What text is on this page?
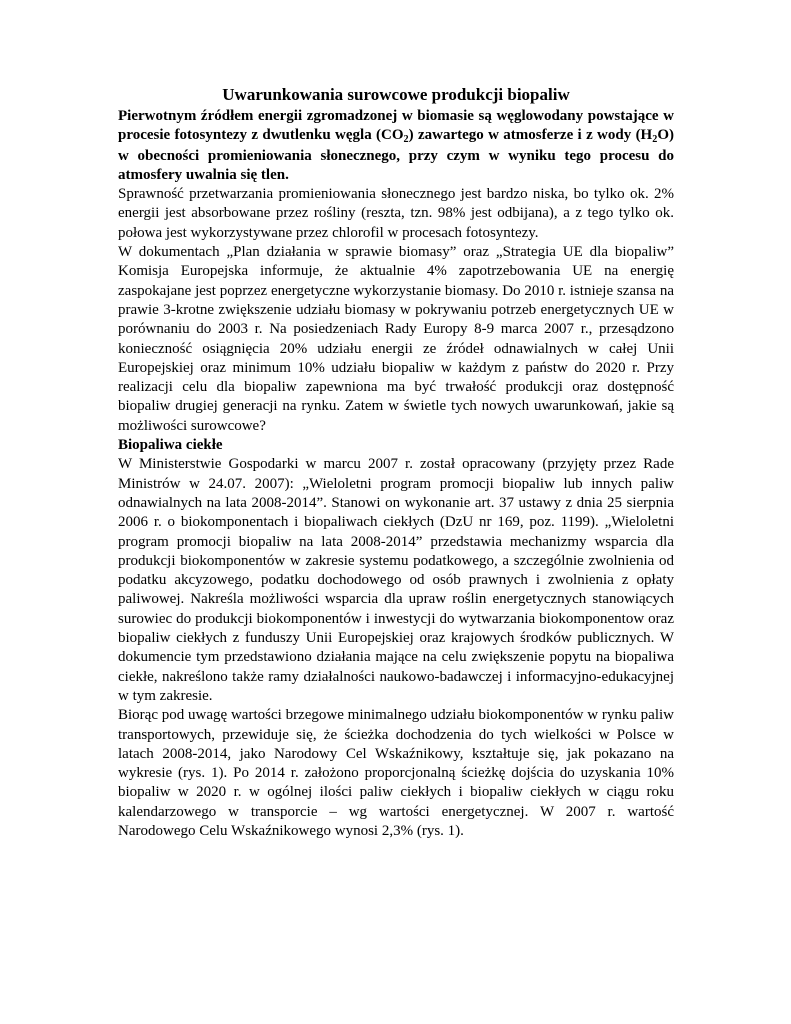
Uwarunkowania surowcowe produkcji biopaliw

Pierwotnym źródłem energii zgromadzonej w biomasie są węglowodany powstające w procesie fotosyntezy z dwutlenku węgla $(CO_2)$ zawartego w atmosferze i z wody $(H_2O)$ w obecności promieniowania słonecznego, przy czym w wyniku tego procesu do atmosfery uwalnia się tlen.

Sprawność przetwarzania promieniowania słonecznego jest bardzo niska, bo tylko ok. 2% energii jest absorbowane przez rośliny (reszta, tzn. 98% jest odbijana), a z tego tylko ok. połowa jest wykorzystywane przez chlorofil w procesach fotosyntezy.

W dokumentach „Plan działania w sprawie biomasy” oraz „Strategia UE dla biopaliw” Komisja Europejska informuje, że aktualnie 4% zapotrzebowania UE na energię zaspokajane jest poprzez energetyczne wykorzystanie biomasy. Do 2010 r. istnieje szansa na prawie 3-krotne zwiększenie udziału biomasy w pokrywaniu potrzeb energetycznych UE w porównaniu do 2003 r. Na posiedzeniach Rady Europy 8-9 marca 2007 r., przesądzono konieczność osiągnięcia 20% udziału energii ze źródeł odnawialnych w całej Unii Europejskiej oraz minimum 10% udziału biopaliw w każdym z państw do 2020 r. Przy realizacji celu dla biopaliw zapewniona ma być trwałość produkcji oraz dostępność biopaliw drugiej generacji na rynku. Zatem w świetle tych nowych uwarunkowań, jakie są możliwości surowcowe?

Biopaliwa ciekłe

W Ministerstwie Gospodarki w marcu 2007 r. został opracowany (przyjęty przez Rade Ministrów w 24.07. 2007): „Wieloletni program promocji biopaliw lub innych paliw odnawialnych na lata 2008-2014”. Stanowi on wykonanie art. 37 ustawy z dnia 25 sierpnia 2006 r. o biokomponentach i biopaliwach ciekłych (DzU nr 169, poz. 1199). „Wieloletni program promocji biopaliw na lata 2008-2014” przedstawia mechanizmy wsparcia dla produkcji biokomponentów w zakresie systemu podatkowego, a szczególnie zwolnienia od podatku akcyzowego, podatku dochodowego od osób prawnych i zwolnienia z opłaty paliwowej. Nakreśla możliwości wsparcia dla upraw roślin energetycznych stanowiących surowiec do produkcji biokomponentów i inwestycji do wytwarzania biokomponentow oraz biopaliw ciekłych z funduszy Unii Europejskiej oraz krajowych środków publicznych. W dokumencie tym przedstawiono działania mające na celu zwiększenie popytu na biopaliwa ciekłe, nakreślono także ramy działalności naukowo-badawczej i informacyjno-edukacyjnej w tym zakresie.

Biorąc pod uwagę wartości brzegowe minimalnego udziału biokomponentów w rynku paliw transportowych, przewiduje się, że ścieżka dochodzenia do tych wielkości w Polsce w latach 2008-2014, jako Narodowy Cel Wskaźnikowy, kształtuje się, jak pokazano na wykresie (rys. 1). Po 2014 r. założono proporcjonalną ścieżkę dojścia do uzyskania 10% biopaliw w 2020 r. w ogólnej ilości paliw ciekłych i biopaliw ciekłych w ciągu roku kalendarzowego w transporcie – wg wartości energetycznej. W 2007 r. wartość Narodowego Celu Wskaźnikowego wynosi 2,3% (rys. 1).
